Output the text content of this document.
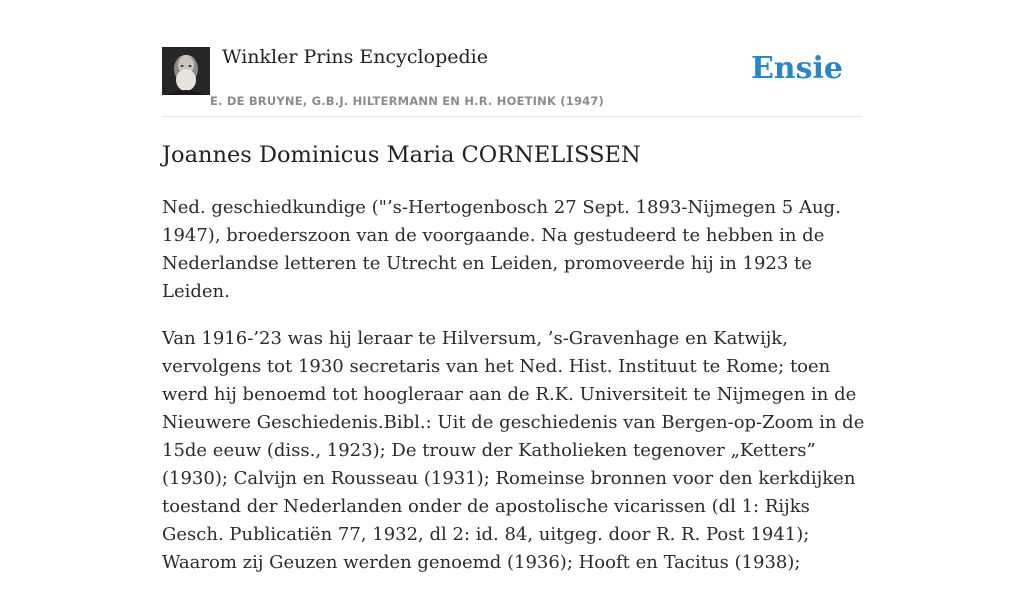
Winkler Prins Encyclopedie
E. DE BRUYNE, G.B.J. HILTERMANN EN H.R. HOETINK (1947)
Ensie
Joannes Dominicus Maria CORNELISSEN

Ned. geschiedkundige ("’s-Hertogenbosch 27 Sept. 1893-Nijmegen 5 Aug. 1947), broederszoon van de voorgaande. Na gestudeerd te hebben in de Nederlandse letteren te Utrecht en Leiden, promoveerde hij in 1923 te Leiden.

Van 1916-’23 was hij leraar te Hilversum, ’s-Gravenhage en Katwijk, vervolgens tot 1930 secretaris van het Ned. Hist. Instituut te Rome; toen werd hij benoemd tot hoogleraar aan de R.K. Universiteit te Nijmegen in de Nieuwere Geschiedenis.Bibl.: Uit de geschiedenis van Bergen-op-Zoom in de 15de eeuw (diss., 1923); De trouw der Katholieken tegenover „Ketters” (1930); Calvijn en Rousseau (1931); Romeinse bronnen voor den kerkdijken toestand der Nederlanden onder de apostolische vicarissen (dl 1: Rijks Gesch. Publicatiën 77, 1932, dl 2: id. 84, uitgeg. door R. R. Post 1941); Waarom zij Geuzen werden genoemd (1936); Hooft en Tacitus (1938);
